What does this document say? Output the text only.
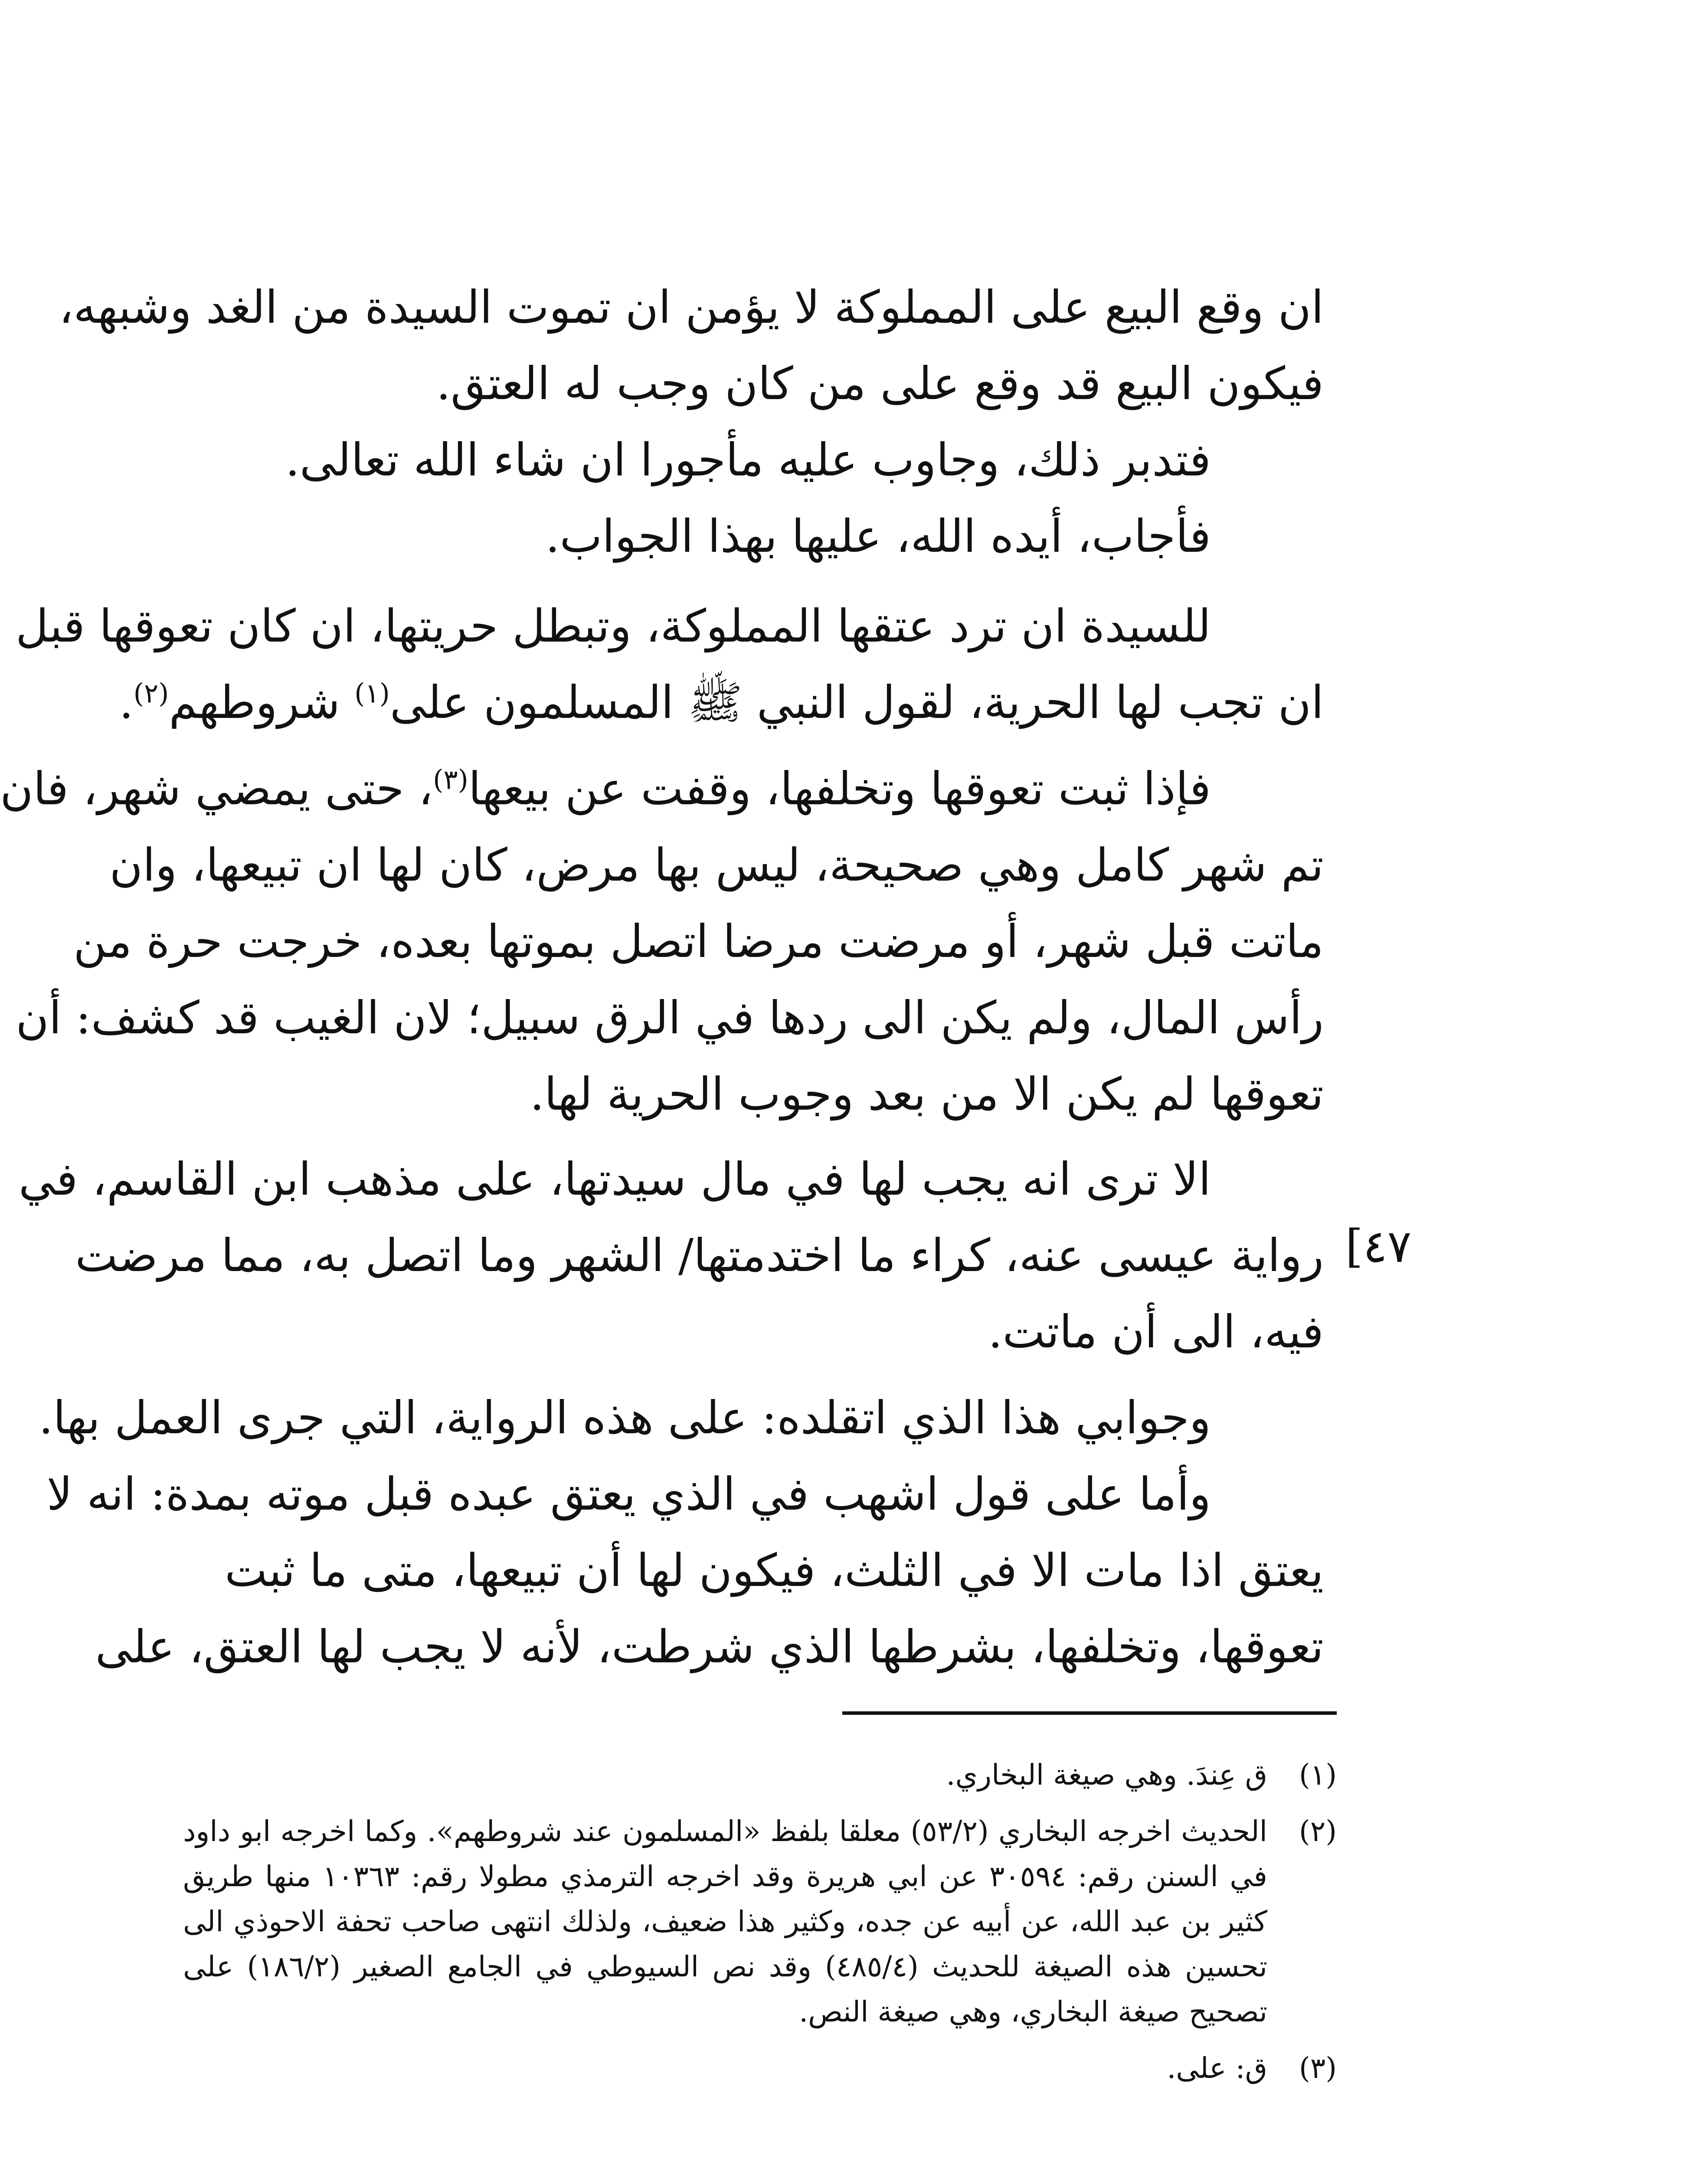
ان وقع البيع على المملوكة لا يؤمن ان تموت السيدة من الغد وشبهه،
فيكون البيع قد وقع على من كان وجب له العتق.
فتدبر ذلك، وجاوب عليه مأجورا ان شاء الله تعالى.
فأجاب، أيده الله، عليها بهذا الجواب.
للسيدة ان ترد عتقها المملوكة، وتبطل حريتها، ان كان تعوقها قبل
ان تجب لها الحرية، لقول النبي ﷺ المسلمون على$^{(١)}$ شروطهم$^{(٢)}$.
فإذا ثبت تعوقها وتخلفها، وقفت عن بيعها$^{(٣)}$، حتى يمضي شهر، فان
تم شهر كامل وهي صحيحة، ليس بها مرض، كان لها ان تبيعها، وان
ماتت قبل شهر، أو مرضت مرضا اتصل بموتها بعده، خرجت حرة من
رأس المال، ولم يكن الى ردها في الرق سبيل؛ لان الغيب قد كشف: أن
تعوقها لم يكن الا من بعد وجوب الحرية لها.
الا ترى انه يجب لها في مال سيدتها، على مذهب ابن القاسم، في
رواية عيسى عنه، كراء ما اختدمتها/ الشهر وما اتصل به، مما مرضت
فيه، الى أن ماتت.
[٤٧
وجوابي هذا الذي اتقلده: على هذه الرواية، التي جرى العمل بها.
وأما على قول اشهب في الذي يعتق عبده قبل موته بمدة: انه لا
يعتق اذا مات الا في الثلث، فيكون لها أن تبيعها، متى ما ثبت
تعوقها، وتخلفها، بشرطها الذي شرطت، لأنه لا يجب لها العتق، على
(١)
ق عِندَ. وهي صيغة البخاري.
(٢)
الحديث اخرجه البخاري (٥٣/٢) معلقا بلفظ «المسلمون عند شروطهم». وكما اخرجه ابو داود في السنن رقم: ٣٠٥٩٤ عن ابي هريرة وقد اخرجه الترمذي مطولا رقم: ١٠٣٦٣ منها طريق كثير بن عبد الله، عن أبيه عن جده، وكثير هذا ضعيف، ولذلك انتهى صاحب تحفة الاحوذي الى تحسين هذه الصيغة للحديث (٤٨٥/٤) وقد نص السيوطي في الجامع الصغير (١٨٦/٢) على تصحيح صيغة البخاري، وهي صيغة النص.
(٣)
ق: على.
